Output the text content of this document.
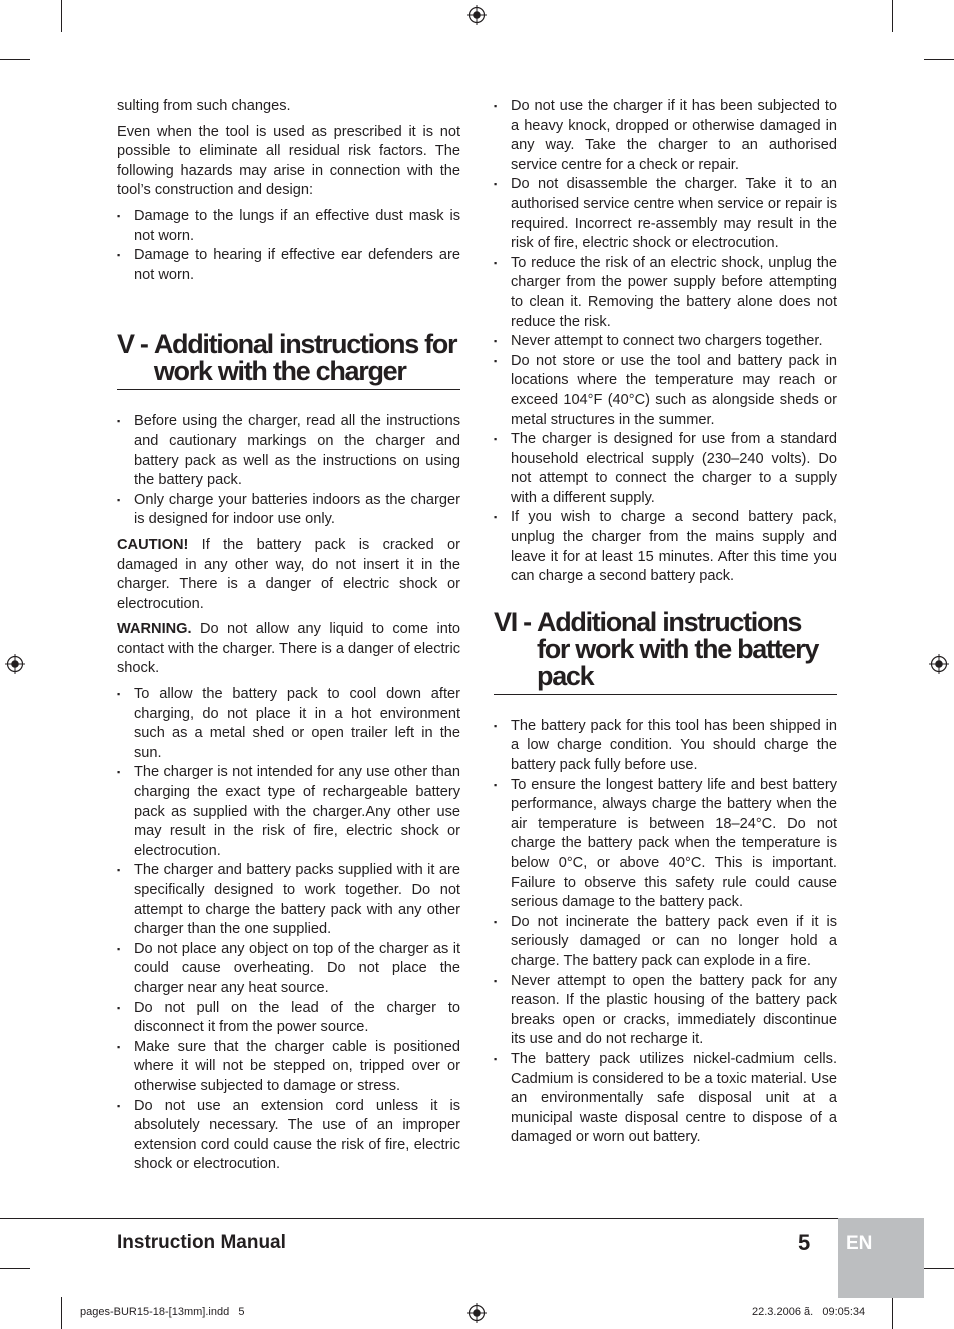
sulting from such changes.

Even when the tool is used as prescribed it is not possible to eliminate all residual risk factors. The following hazards may arise in connection with the tool’s construction and design:

▪ Damage to the lungs if an effective dust mask is not worn.
▪ Damage to hearing if effective ear defenders are not worn.
V - Additional instructions for work with the charger
▪ Before using the charger, read all the instructions and cautionary markings on the charger and battery pack as well as the instructions on using the battery pack.
▪ Only charge your batteries indoors as the charger is designed for indoor use only.

CAUTION! If the battery pack is cracked or damaged in any other way, do not insert it in the charger. There is a danger of electric shock or electrocution.

WARNING. Do not allow any liquid to come into contact with the charger. There is a danger of electric shock.

▪ To allow the battery pack to cool down after charging, do not place it in a hot environment such as a metal shed or open trailer left in the sun.
▪ The charger is not intended for any use other than charging the exact type of rechargeable battery pack as supplied with the charger.Any other use may result in the risk of fire, electric shock or electrocution.
▪ The charger and battery packs supplied with it are specifically designed to work together. Do not attempt to charge the battery pack with any other charger than the one supplied.
▪ Do not place any object on top of the charger as it could cause overheating. Do not place the charger near any heat source.
▪ Do not pull on the lead of the charger to disconnect it from the power source.
▪ Make sure that the charger cable is positioned where it will not be stepped on, tripped over or otherwise subjected to damage or stress.
▪ Do not use an extension cord unless it is absolutely necessary. The use of an improper extension cord could cause the risk of fire, electric shock or electrocution.
▪ Do not use the charger if it has been subjected to a heavy knock, dropped or otherwise damaged in any way. Take the charger to an authorised service centre for a check or repair.
▪ Do not disassemble the charger. Take it to an authorised service centre when service or repair is required. Incorrect re-assembly may result in the risk of fire, electric shock or electrocution.
▪ To reduce the risk of an electric shock, unplug the charger from the power supply before attempting to clean it. Removing the battery alone does not reduce the risk.
▪ Never attempt to connect two chargers together.
▪ Do not store or use the tool and battery pack in locations where the temperature may reach or exceed 104°F (40°C) such as alongside sheds or metal structures in the summer.
▪ The charger is designed for use from a standard household electrical supply (230–240 volts). Do not attempt to connect the charger to a supply with a different supply.
▪ If you wish to charge a second battery pack, unplug the charger from the mains supply and leave it for at least 15 minutes. After this time you can charge a second battery pack.
VI - Additional instructions for work with the battery pack
▪ The battery pack for this tool has been shipped in a low charge condition. You should charge the battery pack fully before use.
▪ To ensure the longest battery life and best battery performance, always charge the battery when the air temperature is between 18–24°C. Do not charge the battery pack when the temperature is below 0°C, or above 40°C. This is important. Failure to observe this safety rule could cause serious damage to the battery pack.
▪ Do not incinerate the battery pack even if it is seriously damaged or can no longer hold a charge. The battery pack can explode in a fire.
▪ Never attempt to open the battery pack for any reason. If the plastic housing of the battery pack breaks open or cracks, immediately discontinue its use and do not recharge it.
▪ The battery pack utilizes nickel-cadmium cells. Cadmium is considered to be a toxic material. Use an environmentally safe disposal unit at a municipal waste disposal centre to dispose of a damaged or worn out battery.
Instruction Manual	5 EN
pages-BUR15-18-[13mm].indd   5	22.3.2006 ã.   09:05:34
